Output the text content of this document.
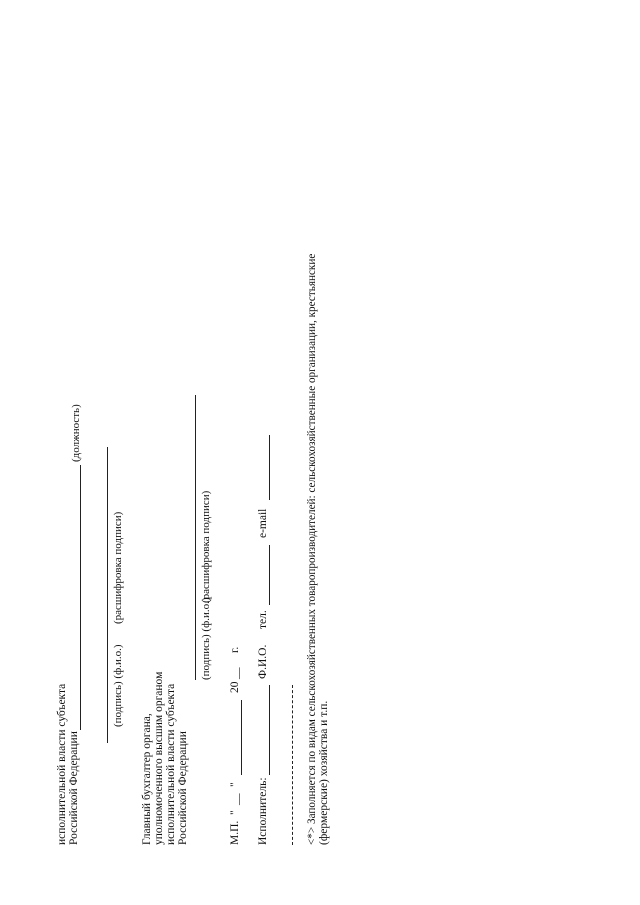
исполнительной власти субъекта Российской Федерации
(должность)
(подпись) (ф.и.о.)
(расшифровка подписи)
Главный бухгалтер органа, уполномоченного высшим органом исполнительной власти субъекта Российской Федерации
(подпись) (ф.и.о.)
(расшифровка подписи)
М.П.
"
__
"
20
__
г.
Исполнитель:
Ф.И.О.
тел.
e-mail	<*> Заполняется по видам сельскохозяйственных товаропроизводителей: сельскохозяйственные организации, крестьянские (фермерские) хозяйства и т.п.
